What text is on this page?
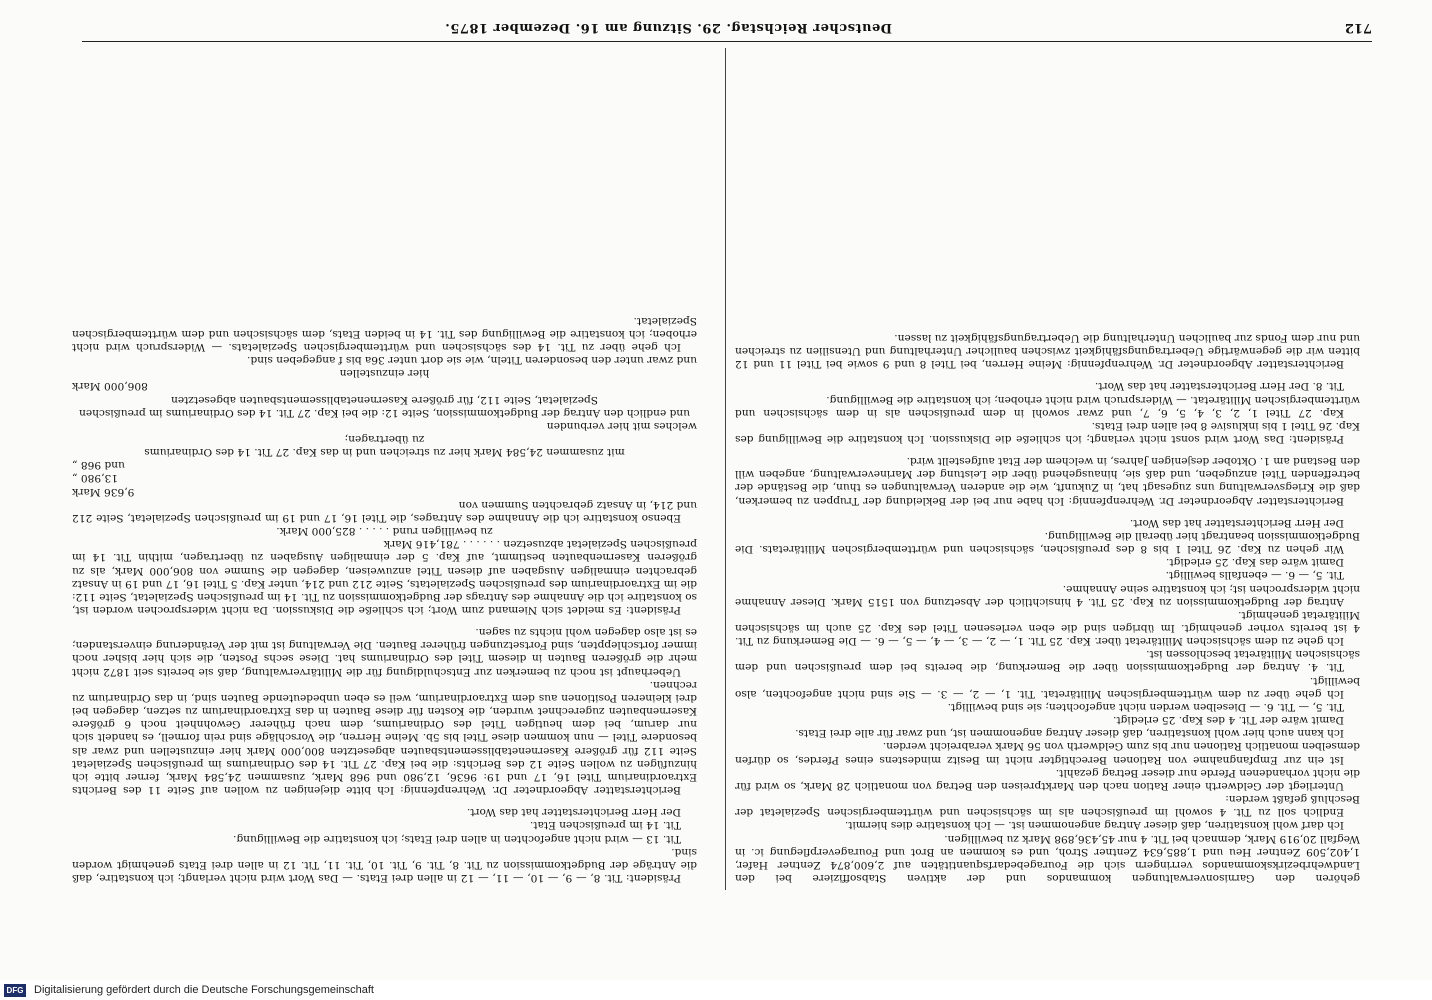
712
Deutscher Reichstag. 29. Sitzung am 16. Dezember 1875.

gehören den Garnisonverwaltungen kommandos und der aktiven Stabsoffiziere bei den Landwehrbezirkskommandos verringern sich die Fouragebedarfsquantitäten auf 2,600,874 Zentner Hafer, 1,402,509 Zentner Heu und 1,885,634 Zentner Stroh, und es kommen an Brot und Fourageverpflegung ic. in Wegfall 20,919 Mark, demnach bei Tit. 4 nur 45,436,898 Mark zu bewilligen.

Ich darf wohl konstatiren, daß dieser Antrag angenommen ist. — Ich konstatire dies hiermit.

Endlich soll zu Tit. 4 sowohl im preußischen als im sächsischen und württembergischen Spezialetat der Beschluß gefaßt werden:

Unterliegt der Geldwerth einer Ration nach den Marktpreisen den Betrag von monatlich 28 Mark, so wird für die nicht vorhandenen Pferde nur dieser Betrag gezahlt.

Ist ein zur Empfangnahme von Rationen Berechtigter nicht im Besitz mindestens eines Pferdes, so dürfen demselben monatlich Rationen nur bis zum Geldwerth von 56 Mark verabreicht werden.

Ich kann auch hier wohl konstatiren, daß dieser Antrag angenommen ist, und zwar für alle drei Etats.

Damit wäre der Tit. 4 des Kap. 25 erledigt.

Tit. 5, — Tit. 6. — Dieselben werden nicht angefochten; sie sind bewilligt.

Ich gehe über zu dem württembergischen Militäretat. Tit. 1, — 2, — 3. — Sie sind nicht angefochten, also bewilligt.

Tit. 4. Antrag der Budgetkommission über die Bemerkung, die bereits bei dem preußischen und dem sächsischen Militäretat beschlossen ist.

Ich gehe zu dem sächsischen Militäretat über. Kap. 25 Tit. 1, — 2, — 3, — 4, — 5, — 6. — Die Bemerkung zu Tit. 4 ist bereits vorher genehmigt. Im übrigen sind die eben verlesenen Titel des Kap. 25 auch im sächsischen Militäretat genehmigt.

Antrag der Budgetkommission zu Kap. 25 Tit. 4 hinsichtlich der Absetzung von 1515 Mark. Dieser Annahme nicht widersprochen ist; ich konstatire seine Annahme.

Tit. 5, — 6. — ebenfalls bewilligt.

Damit wäre das Kap. 25 erledigt.

Wir gehen zu Kap. 26 Titel 1 bis 8 des preußischen, sächsischen und württembergischen Militäretats. Die Budgetkommission beantragt hier überall die Bewilligung.

Der Herr Berichterstatter hat das Wort.

Berichterstatter Abgeordneter Dr. Wehrenpfennig: Ich habe nur bei der Bekleidung der Truppen zu bemerken, daß die Kriegsverwaltung uns zugesagt hat, in Zukunft, wie die anderen Verwaltungen es thun, die Bestände der betreffenden Titel anzugeben, und daß sie, hinausgehend über die Leistung der Marineverwaltung, angeben will den Bestand am 1. Oktober desjenigen Jahres, in welchem der Etat aufgestellt wird.

Präsident: Das Wort wird sonst nicht verlangt; ich schließe die Diskussion. Ich konstatire die Bewilligung des Kap. 26 Titel 1 bis inklusive 8 bei allen drei Etats.

Kap. 27 Titel 1, 2, 3, 4, 5, 6, 7, und zwar sowohl in dem preußischen als in dem sächsischen und württembergischen Militäretat. — Widerspruch wird nicht erhoben; ich konstatire die Bewilligung.

Tit. 8. Der Herr Berichterstatter hat das Wort.

Berichterstatter Abgeordneter Dr. Wehrenpfennig: Meine Herren, bei Titel 8 und 9 sowie bei Titel 11 und 12 bitten wir die gegenwärtige Uebertragungsfähigkeit zwischen baulicher Unterhaltung und Utensilien zu streichen und nur dem Fonds zur baulichen Unterhaltung die Uebertragungsfähigkeit zu lassen.

Präsident: Tit. 8, — 9, — 10, — 11, — 12 in allen drei Etats. — Das Wort wird nicht verlangt; ich konstatire, daß die Anträge der Budgetkommission zu Tit. 8, Tit. 9, Tit. 10, Tit. 11, Tit. 12 in allen drei Etats genehmigt worden sind.

Tit. 13 — wird nicht angefochten in allen drei Etats; ich konstatire die Bewilligung.

Tit. 14 im preußischen Etat.

Der Herr Berichterstatter hat das Wort.

Berichterstatter Abgeordneter Dr. Wehrenpfennig: Ich bitte diejenigen zu wollen auf Seite 11 des Berichts Extraordinarium Titel 16, 17 und 19: 9636, 12,980 und 968 Mark, zusammen 24,584 Mark, ferner bitte ich hinzufügen zu wollen Seite 12 des Berichts: die bei Kap. 27 Tit. 14 des Ordinariums im preußischen Spezialetat Seite 112 für größere Kasernenetablissementsbauten abgesetzten 800,000 Mark hier einzustellen und zwar als besondere Titel — nun kommen diese Titel bis 5b. Meine Herren, die Vorschläge sind rein formell, es handelt sich nur darum, bei dem heutigen Titel des Ordinariums, dem nach früherer Gewohnheit noch 6 größere Kasernenbauten zugerechnet wurden, die Kosten für diese Bauten in das Extraordinarium zu setzen, dagegen bei drei kleineren Positionen aus dem Extraordinarium, weil es eben unbedeutende Bauten sind, in das Ordinarium zu rechnen.

Ueberhaupt ist noch zu bemerken zur Entschuldigung für die Militärverwaltung, daß sie bereits seit 1872 nicht mehr die größeren Bauten in diesem Titel des Ordinariums hat. Diese sechs Posten, die sich hier bisher noch immer fortschleppten, sind Fortsetzungen früherer Bauten. Die Verwaltung ist mit der Veränderung einverstanden; es ist also dagegen wohl nichts zu sagen.

Präsident: Es meldet sich Niemand zum Wort; ich schließe die Diskussion. Da nicht widersprochen worden ist, so konstatire ich die Annahme des Antrags der Budgetkommission zu Tit. 14 im preußischen Spezialetat, Seite 112: die im Extraordinarium des preußischen Spezialetats, Seite 212 und 214, unter Kap. 5 Titel 16, 17 und 19 in Ansatz gebrachten einmaligen Ausgaben auf diesen Titel anzuweisen, dagegen die Summe von 806,000 Mark, als zu größeren Kasernenbauten bestimmt, auf Kap. 5 der einmaligen Ausgaben zu übertragen, mithin Tit. 14 im preußischen Spezialetat abzusetzen . . . . . . 781,416 Mark

zu bewilligen rund . . . . . 825,000 Mark.

Ebenso konstatire ich die Annahme des Antrages, die Titel 16, 17 und 19 im preußischen Spezialetat, Seite 212 und 214, in Ansatz gebrachten Summen von

9,636 Mark

13,980 „

und 968 „

mit zusammen 24,584 Mark hier zu streichen und in das Kap. 27 Tit. 14 des Ordinariums

zu übertragen;

welches mit hier verbunden

und endlich den Antrag der Budgetkommission, Seite 12: die bei Kap. 27 Tit. 14 des Ordinariums im preußischen Spezialetat, Seite 112, für größere Kasernenetablissementsbauten abgesetzten

806,000 Mark

hier einzustellen

und zwar unter den besonderen Titeln, wie sie dort unter 36a bis f angegeben sind.

Ich gehe über zu Tit. 14 des sächsischen und württembergischen Spezialetats. — Widerspruch wird nicht erhoben; ich konstatire die Bewilligung des Tit. 14 in beiden Etats, dem sächsischen und dem württembergischen Spezialetat.

DFG Digitalisierung gefördert durch die Deutsche Forschungsgemeinschaft
